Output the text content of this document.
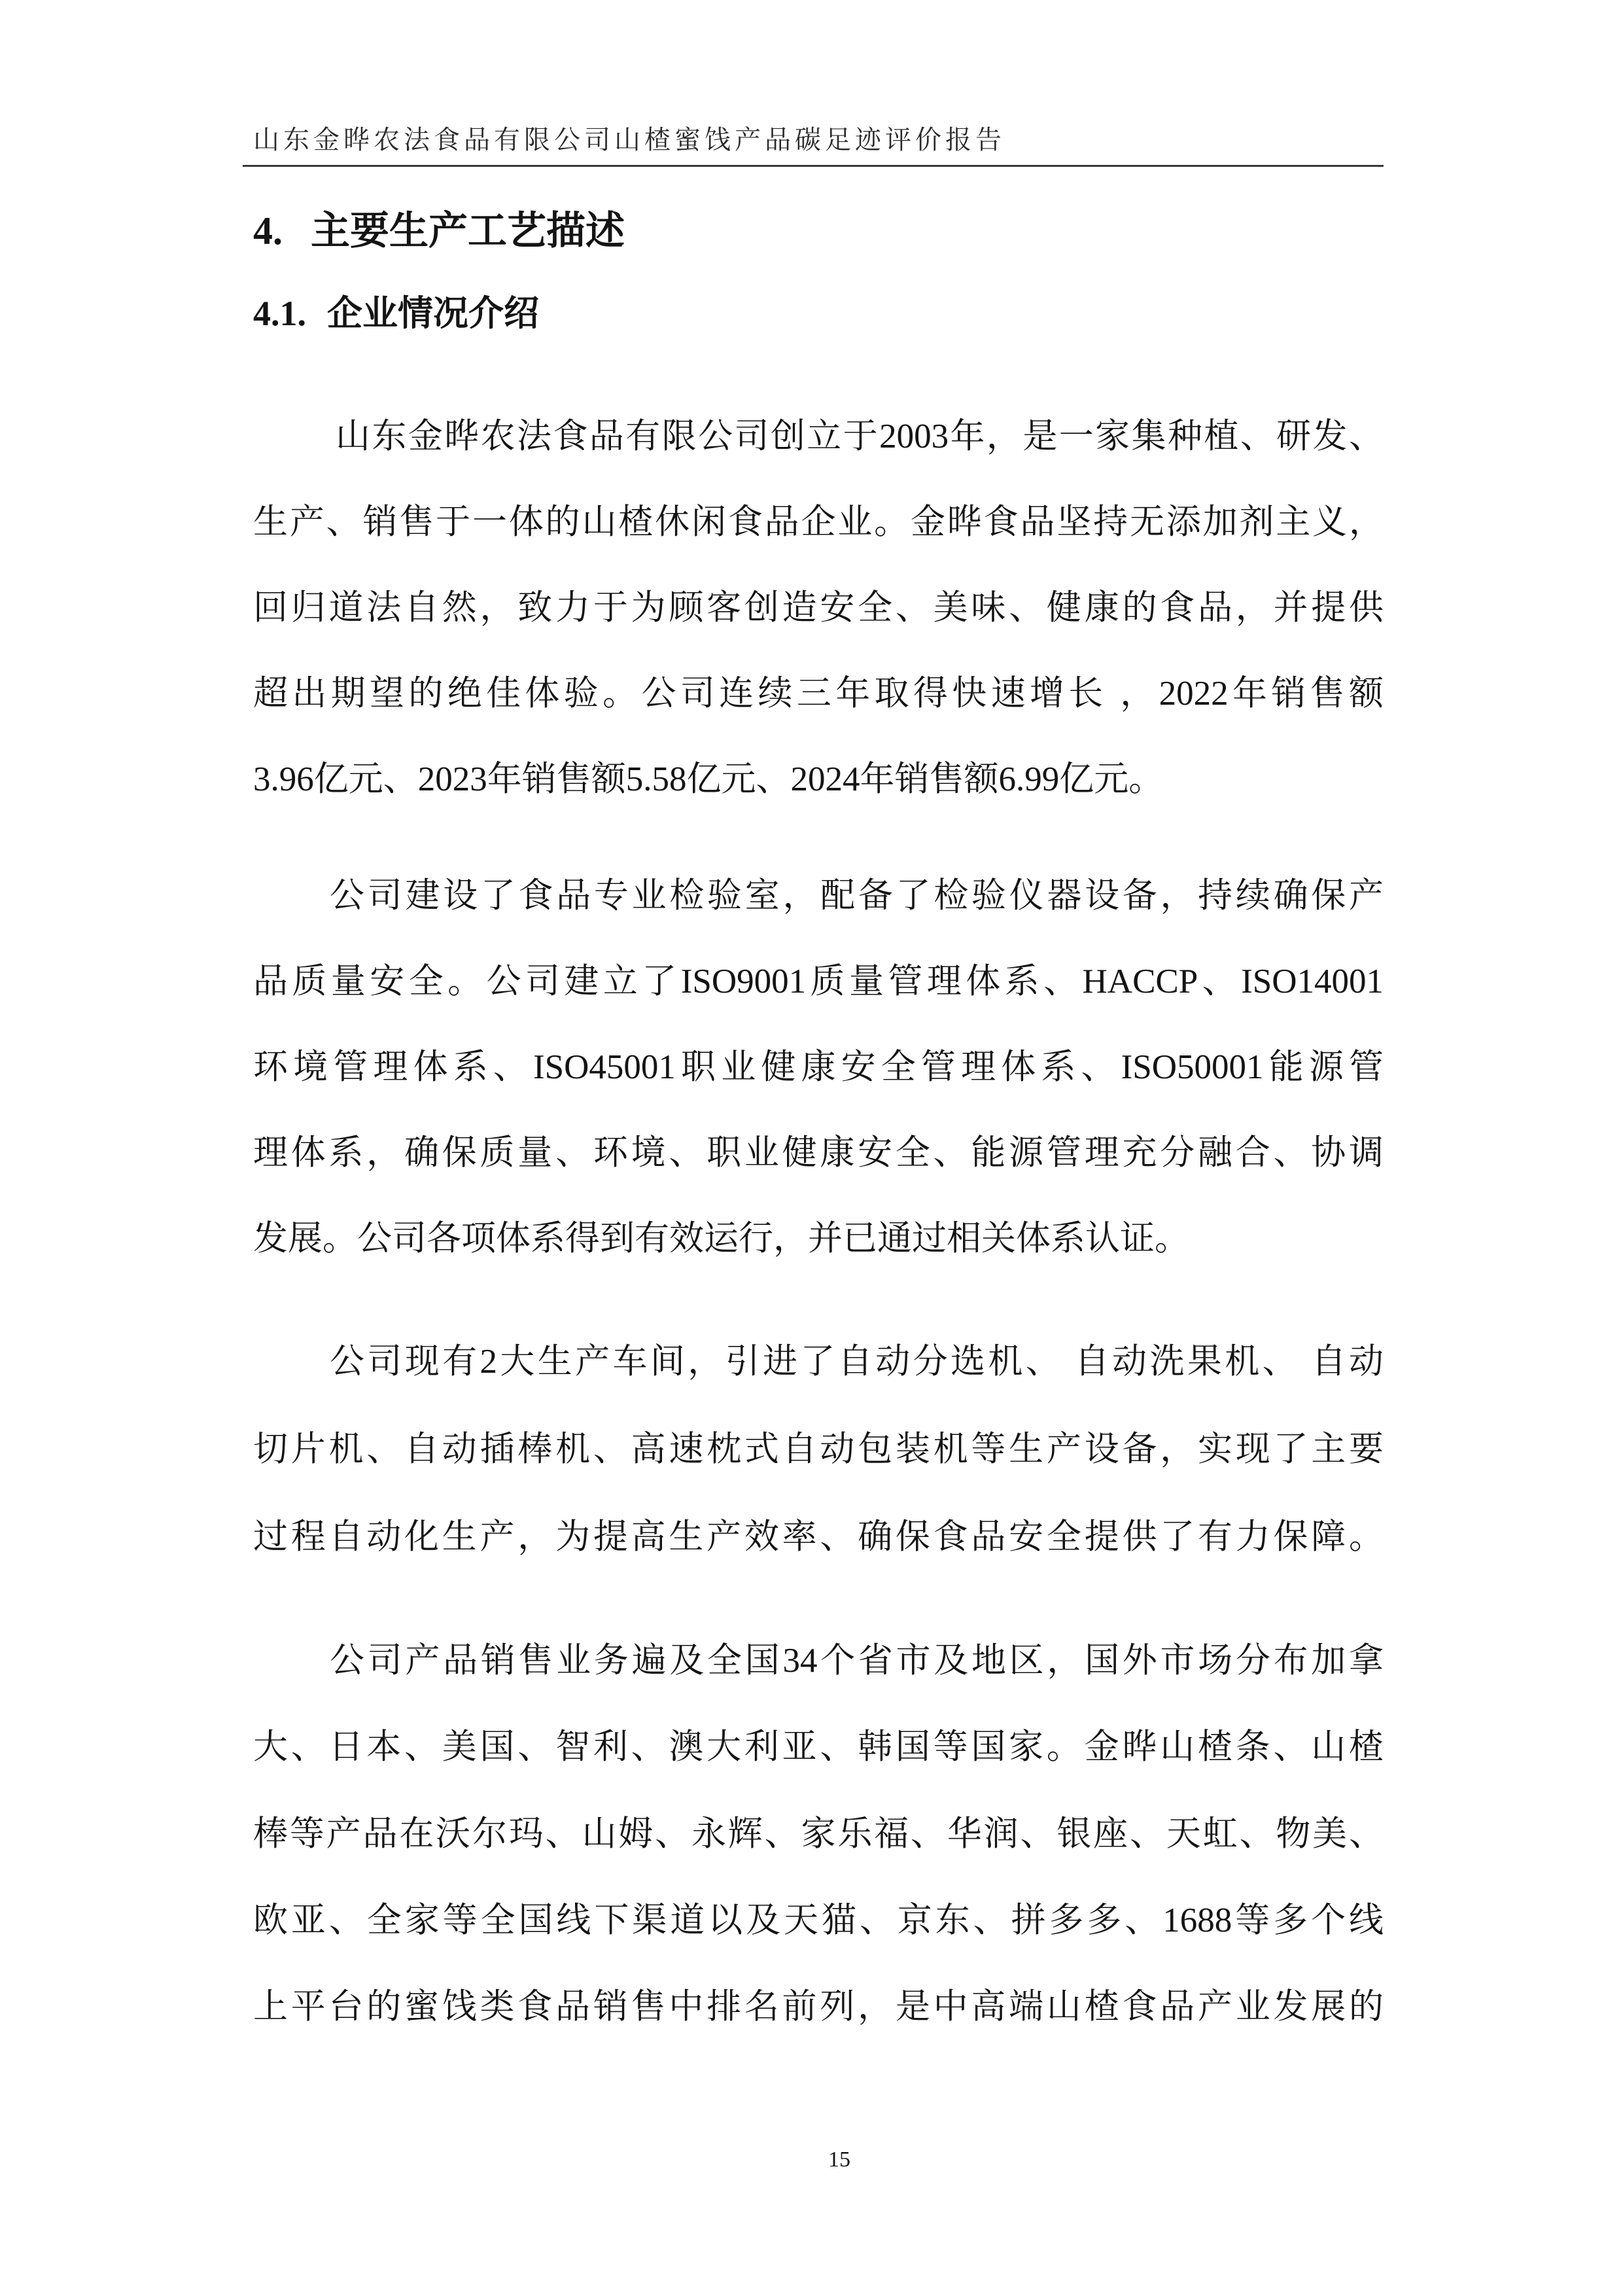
山东金晔农法食品有限公司山楂蜜饯产品碳足迹评价报告
4. 主要生产工艺描述
4.1. 企业情况介绍
山东金晔农法食品有限公司创立于2003年，是一家集种植、研发、
生产、销售于一体的山楂休闲食品企业。金晔食品坚持无添加剂主义，
回归道法自然，致力于为顾客创造安全、美味、健康的食品，并提供
超出期望的绝佳体验。公司连续三年取得快速增长 ，2022年销售额
3.96亿元、2023年销售额5.58亿元、2024年销售额6.99亿元。
公司建设了食品专业检验室，配备了检验仪器设备，持续确保产
品质量安全。公司建立了ISO9001质量管理体系、HACCP、ISO14001
环境管理体系、ISO45001职业健康安全管理体系、ISO50001能源管
理体系，确保质量、环境、职业健康安全、能源管理充分融合、协调
发展。公司各项体系得到有效运行，并已通过相关体系认证。
公司现有2大生产车间，引进了自动分选机、 自动洗果机、 自动
切片机、自动插棒机、高速枕式自动包装机等生产设备，实现了主要
过程自动化生产，为提高生产效率、确保食品安全提供了有力保障。
公司产品销售业务遍及全国34个省市及地区，国外市场分布加拿
大、日本、美国、智利、澳大利亚、韩国等国家。金晔山楂条、山楂
棒等产品在沃尔玛、山姆、永辉、家乐福、华润、银座、天虹、物美、
欧亚、全家等全国线下渠道以及天猫、京东、拼多多、1688等多个线
上平台的蜜饯类食品销售中排名前列，是中高端山楂食品产业发展的
15
